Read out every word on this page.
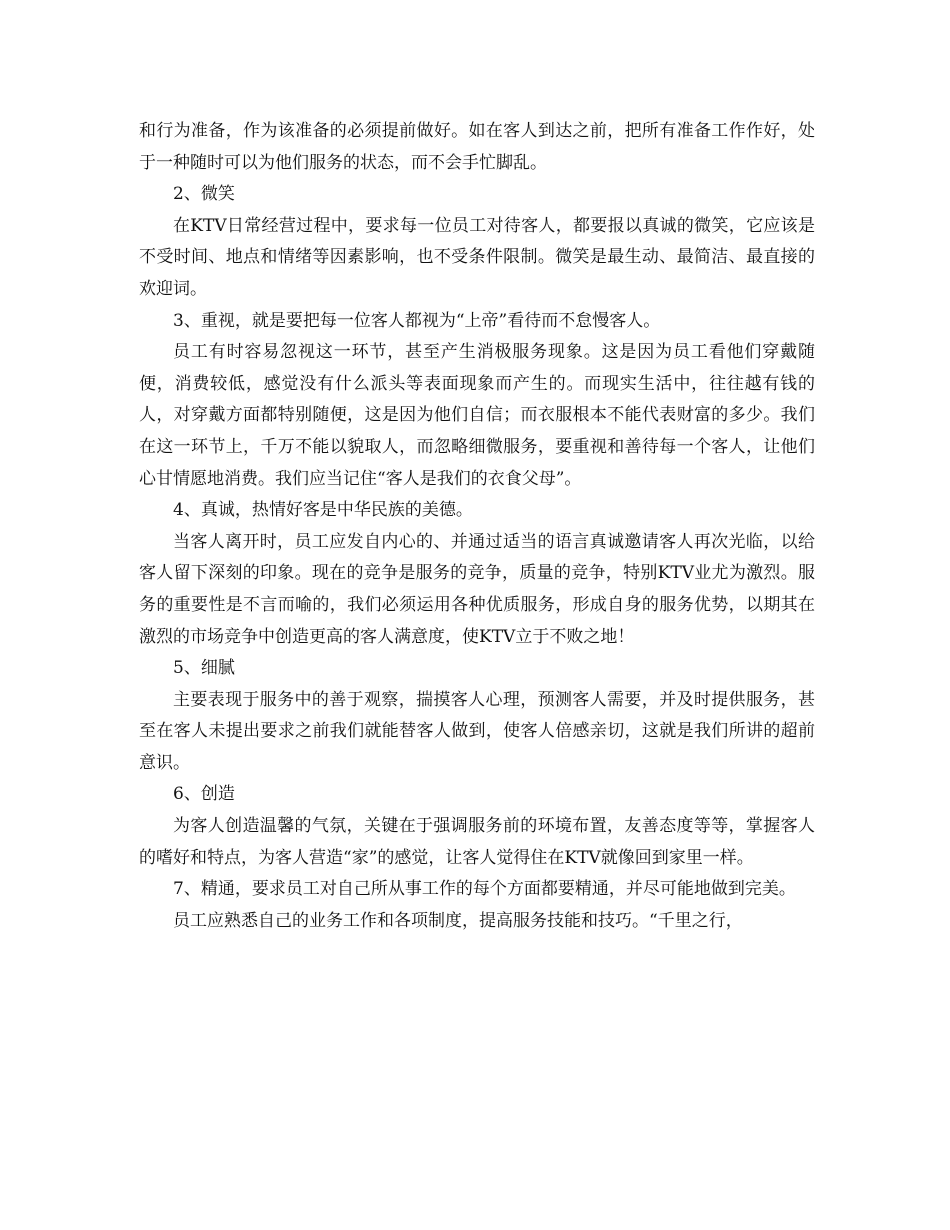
和行为准备，作为该准备的必须提前做好。如在客人到达之前，把所有准备工作作好，处于一种随时可以为他们服务的状态，而不会手忙脚乱。

2、微笑

在KTV日常经营过程中，要求每一位员工对待客人，都要报以真诚的微笑，它应该是不受时间、地点和情绪等因素影响，也不受条件限制。微笑是最生动、最简洁、最直接的欢迎词。

3、重视，就是要把每一位客人都视为“上帝”看待而不怠慢客人。

员工有时容易忽视这一环节，甚至产生消极服务现象。这是因为员工看他们穿戴随便，消费较低，感觉没有什么派头等表面现象而产生的。而现实生活中，往往越有钱的人，对穿戴方面都特别随便，这是因为他们自信；而衣服根本不能代表财富的多少。我们在这一环节上，千万不能以貌取人，而忽略细微服务，要重视和善待每一个客人，让他们心甘情愿地消费。我们应当记住“客人是我们的衣食父母”。

4、真诚，热情好客是中华民族的美德。

当客人离开时，员工应发自内心的、并通过适当的语言真诚邀请客人再次光临，以给客人留下深刻的印象。现在的竞争是服务的竞争，质量的竞争，特别KTV业尤为激烈。服务的重要性是不言而喻的，我们必须运用各种优质服务，形成自身的服务优势，以期其在激烈的市场竞争中创造更高的客人满意度，使KTV立于不败之地！

5、细腻

主要表现于服务中的善于观察，揣摸客人心理，预测客人需要，并及时提供服务，甚至在客人未提出要求之前我们就能替客人做到，使客人倍感亲切，这就是我们所讲的超前意识。

6、创造

为客人创造温馨的气氛，关键在于强调服务前的环境布置，友善态度等等，掌握客人的嗜好和特点，为客人营造“家”的感觉，让客人觉得住在KTV就像回到家里一样。

7、精通，要求员工对自己所从事工作的每个方面都要精通，并尽可能地做到完美。

员工应熟悉自己的业务工作和各项制度，提高服务技能和技巧。“千里之行，
